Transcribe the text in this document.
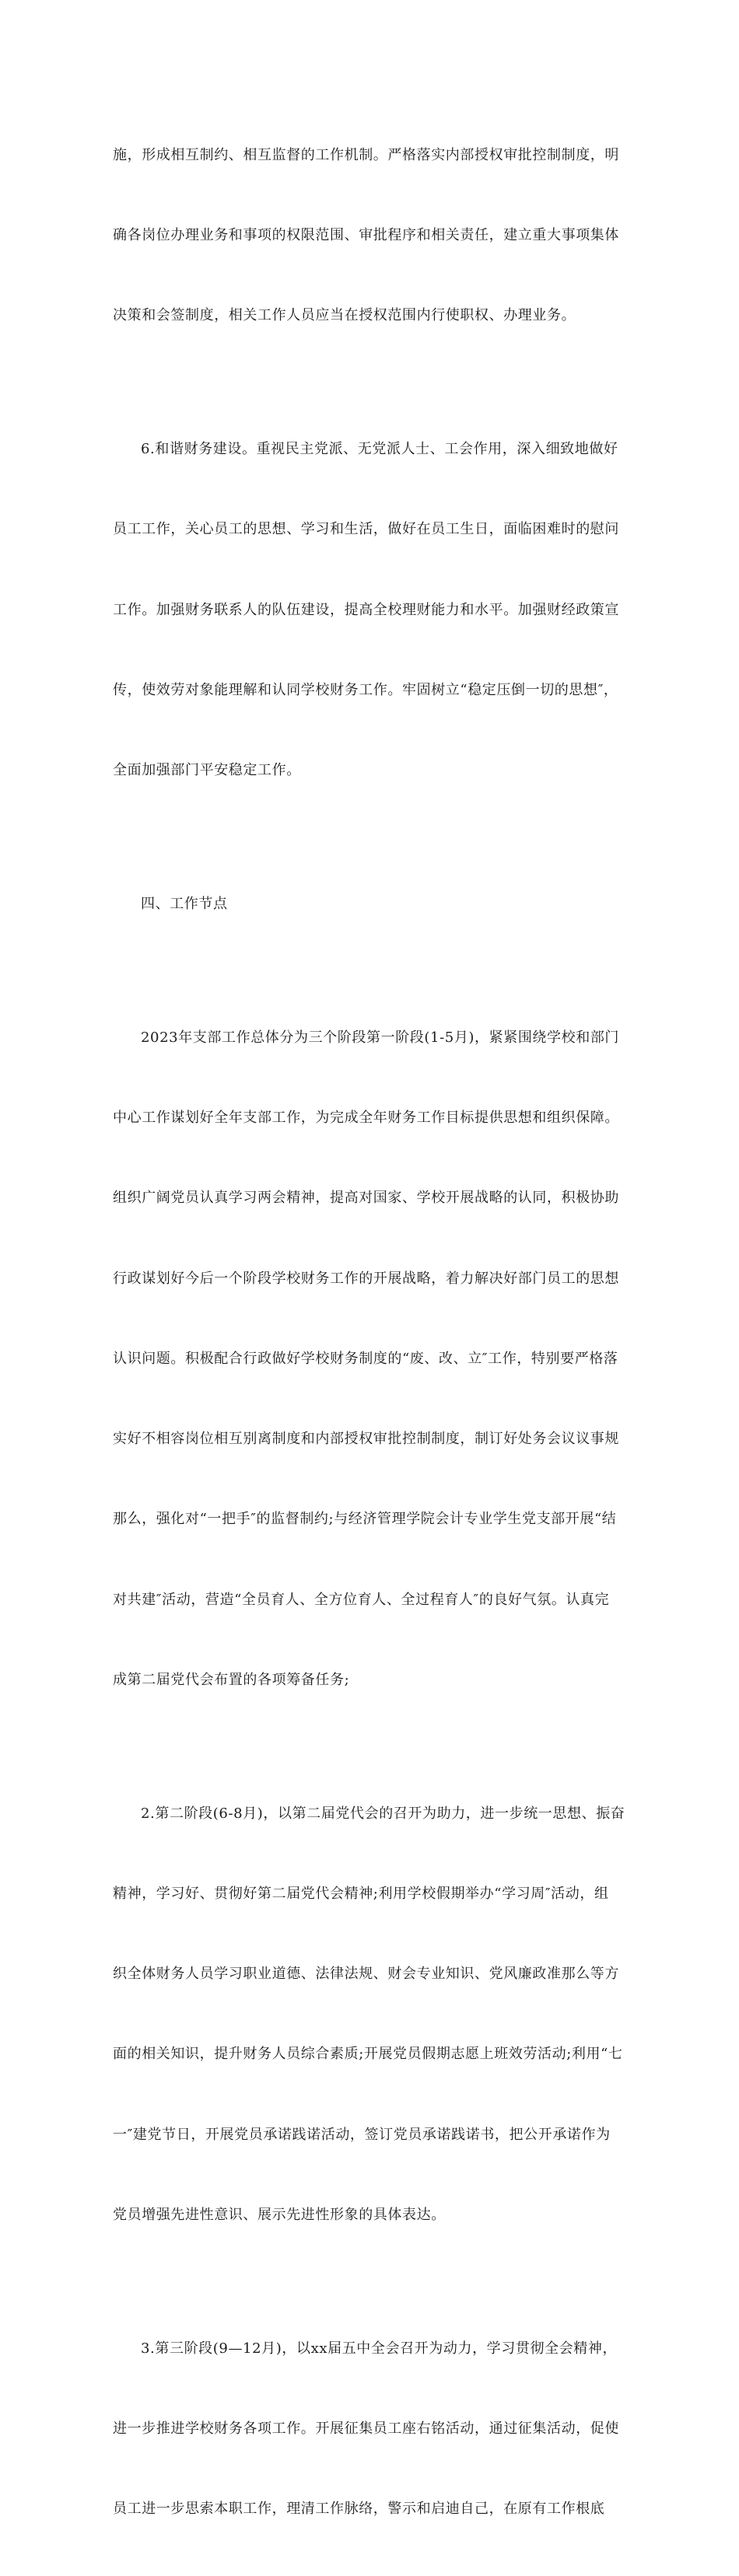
施，形成相互制约、相互监督的工作机制。严格落实内部授权审批控制制度，明

确各岗位办理业务和事项的权限范围、审批程序和相关责任，建立重大事项集体

决策和会签制度，相关工作人员应当在授权范围内行使职权、办理业务。

6.和谐财务建设。重视民主党派、无党派人士、工会作用，深入细致地做好

员工工作，关心员工的思想、学习和生活，做好在员工生日，面临困难时的慰问

工作。加强财务联系人的队伍建设，提高全校理财能力和水平。加强财经政策宣

传，使效劳对象能理解和认同学校财务工作。牢固树立“稳定压倒一切的思想″，

全面加强部门平安稳定工作。

四、工作节点

2023年支部工作总体分为三个阶段第一阶段(1-5月)，紧紧围绕学校和部门

中心工作谋划好全年支部工作，为完成全年财务工作目标提供思想和组织保障。

组织广阔党员认真学习两会精神，提高对国家、学校开展战略的认同，积极协助

行政谋划好今后一个阶段学校财务工作的开展战略，着力解决好部门员工的思想

认识问题。积极配合行政做好学校财务制度的“废、改、立″工作，特别要严格落

实好不相容岗位相互别离制度和内部授权审批控制制度，制订好处务会议议事规

那么，强化对“一把手″的监督制约;与经济管理学院会计专业学生党支部开展“结

对共建″活动，营造“全员育人、全方位育人、全过程育人″的良好气氛。认真完

成第二届党代会布置的各项筹备任务;

2.第二阶段(6-8月)，以第二届党代会的召开为助力，进一步统一思想、振奋

精神，学习好、贯彻好第二届党代会精神;利用学校假期举办“学习周″活动，组

织全体财务人员学习职业道德、法律法规、财会专业知识、党风廉政准那么等方

面的相关知识，提升财务人员综合素质;开展党员假期志愿上班效劳活动;利用“七

一″建党节日，开展党员承诺践诺活动，签订党员承诺践诺书，把公开承诺作为

党员增强先进性意识、展示先进性形象的具体表达。

3.第三阶段(9—12月)，以xx届五中全会召开为动力，学习贯彻全会精神，

进一步推进学校财务各项工作。开展征集员工座右铭活动，通过征集活动，促使

员工进一步思索本职工作，理清工作脉络，警示和启迪自己，在原有工作根底
